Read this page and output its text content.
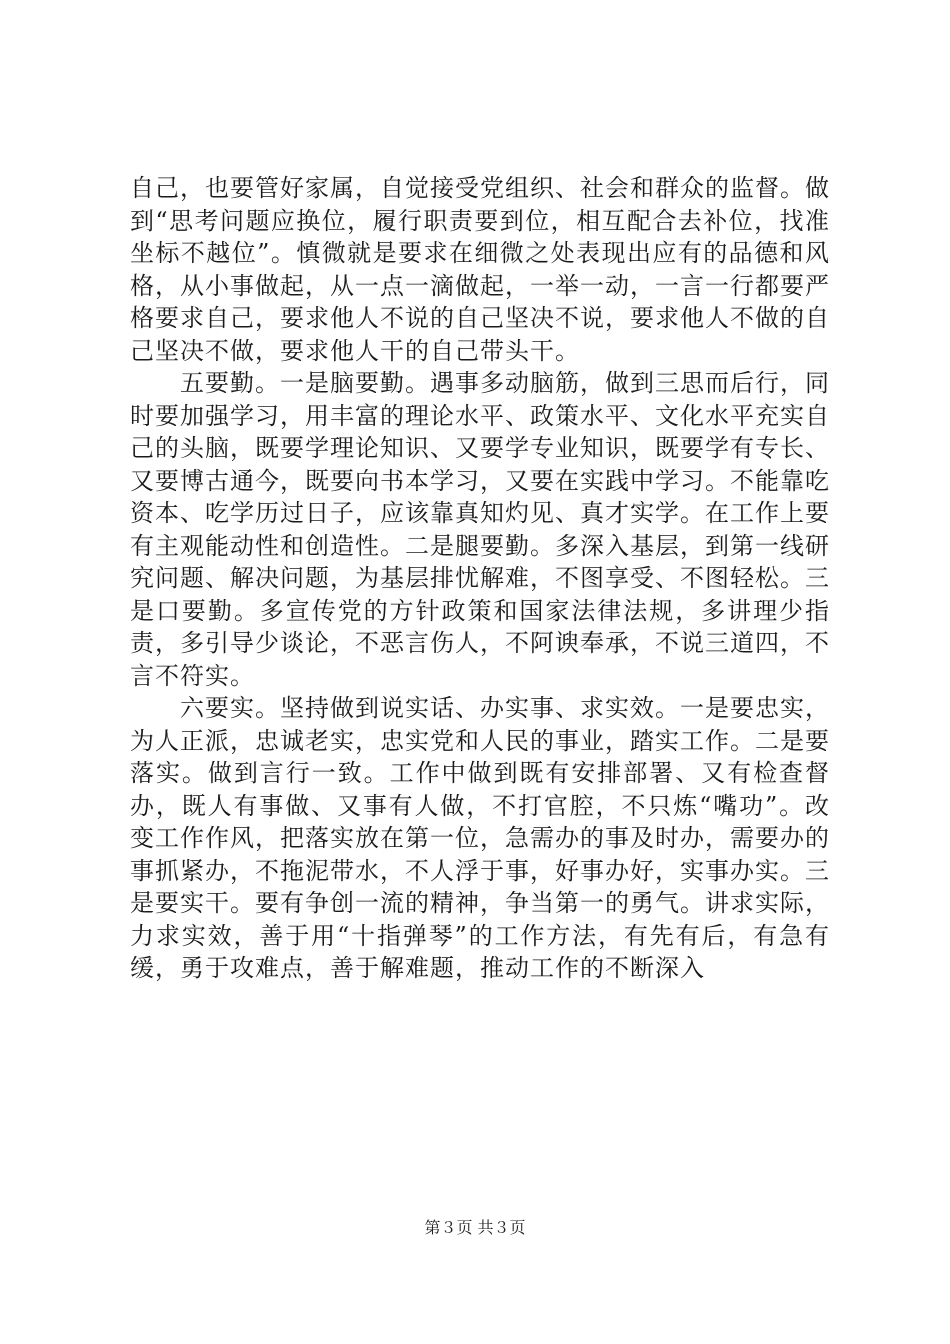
自己，也要管好家属，自觉接受党组织、社会和群众的监督。做到“思考问题应换位，履行职责要到位，相互配合去补位，找准坐标不越位”。慎微就是要求在细微之处表现出应有的品德和风格，从小事做起，从一点一滴做起，一举一动，一言一行都要严格要求自己，要求他人不说的自己坚决不说，要求他人不做的自己坚决不做，要求他人干的自己带头干。

五要勤。一是脑要勤。遇事多动脑筋，做到三思而后行，同时要加强学习，用丰富的理论水平、政策水平、文化水平充实自己的头脑，既要学理论知识、又要学专业知识，既要学有专长、又要博古通今，既要向书本学习，又要在实践中学习。不能靠吃资本、吃学历过日子，应该靠真知灼见、真才实学。在工作上要有主观能动性和创造性。二是腿要勤。多深入基层，到第一线研究问题、解决问题，为基层排忧解难，不图享受、不图轻松。三是口要勤。多宣传党的方针政策和国家法律法规，多讲理少指责，多引导少谈论，不恶言伤人，不阿谀奉承，不说三道四，不言不符实。

六要实。坚持做到说实话、办实事、求实效。一是要忠实，为人正派，忠诚老实，忠实党和人民的事业，踏实工作。二是要落实。做到言行一致。工作中做到既有安排部署、又有检查督办，既人有事做、又事有人做，不打官腔，不只炼“嘴功”。改变工作作风，把落实放在第一位，急需办的事及时办，需要办的事抓紧办，不拖泥带水，不人浮于事，好事办好，实事办实。三是要实干。要有争创一流的精神，争当第一的勇气。讲求实际，力求实效，善于用“十指弹琴”的工作方法，有先有后，有急有缓，勇于攻难点，善于解难题，推动工作的不断深入

第３页 共３页
